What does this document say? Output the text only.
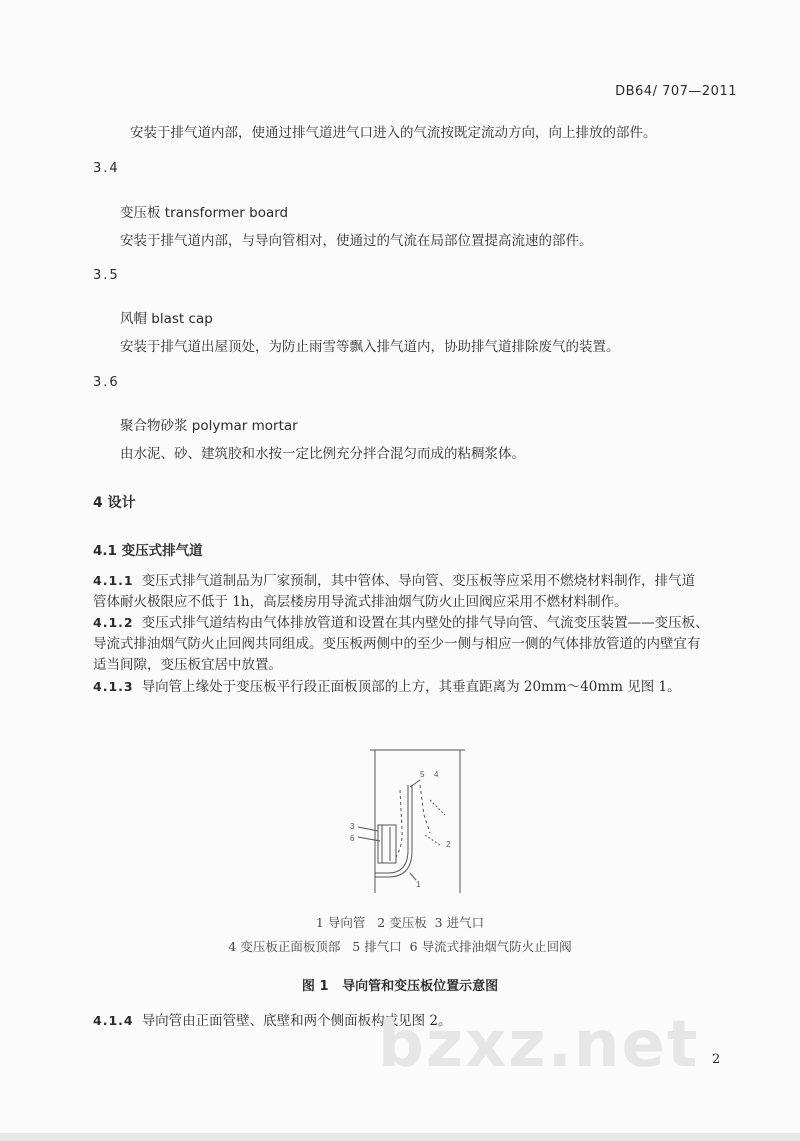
DB64/ 707—2011
安装于排气道内部，使通过排气道进气口进入的气流按既定流动方向，向上排放的部件。
3.4
变压板 transformer board
安装于排气道内部，与导向管相对，使通过的气流在局部位置提高流速的部件。
3.5
风帽 blast cap
安装于排气道出屋顶处，为防止雨雪等飘入排气道内，协助排气道排除废气的装置。
3.6
聚合物砂浆 polymar mortar
由水泥、砂、建筑胶和水按一定比例充分拌合混匀而成的粘稠浆体。
4 设计
4.1 变压式排气道
4.1.1 变压式排气道制品为厂家预制，其中管体、导向管、变压板等应采用不燃烧材料制作，排气道
管体耐火极限应不低于 1h，高层楼房用导流式排油烟气防火止回阀应采用不燃材料制作。
4.1.2 变压式排气道结构由气体排放管道和设置在其内壁处的排气导向管、气流变压装置——变压板、
导流式排油烟气防火止回阀共同组成。变压板两侧中的至少一侧与相应一侧的气体排放管道的内壁宜有
适当间隙，变压板宜居中放置。
4.1.3 导向管上缘处于变压板平行段正面板顶部的上方，其垂直距离为 20mm～40mm 见图 1。
5 4
3
6
1
2
1 导向管   2 变压板  3 进气口
4 变压板正面板顶部   5 排气口  6 导流式排油烟气防火止回阀
图 1   导向管和变压板位置示意图
4.1.4 导向管由正面管壁、底壁和两个侧面板构成见图 2。
bzxz.net 2
